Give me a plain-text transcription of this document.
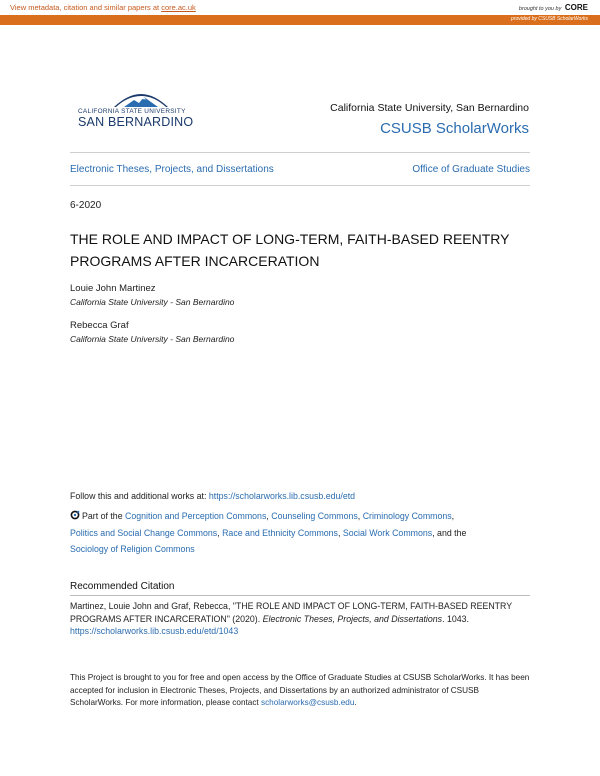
View metadata, citation and similar papers at core.ac.uk	brought to you by CORE
provided by CSUSB ScholarWorks
CALIFORNIA STATE UNIVERSITY
SAN BERNARDINO
California State University, San Bernardino
CSUSB ScholarWorks
Electronic Theses, Projects, and Dissertations	Office of Graduate Studies
6-2020
THE ROLE AND IMPACT OF LONG-TERM, FAITH-BASED REENTRY PROGRAMS AFTER INCARCERATION
Louie John Martinez
California State University - San Bernardino
Rebecca Graf
California State University - San Bernardino
Follow this and additional works at: https://scholarworks.lib.csusb.edu/etd
Part of the Cognition and Perception Commons, Counseling Commons, Criminology Commons,
Politics and Social Change Commons, Race and Ethnicity Commons, Social Work Commons, and the
Sociology of Religion Commons
Recommended Citation
Martinez, Louie John and Graf, Rebecca, "THE ROLE AND IMPACT OF LONG-TERM, FAITH-BASED REENTRY PROGRAMS AFTER INCARCERATION" (2020). Electronic Theses, Projects, and Dissertations. 1043.
https://scholarworks.lib.csusb.edu/etd/1043
This Project is brought to you for free and open access by the Office of Graduate Studies at CSUSB ScholarWorks. It has been accepted for inclusion in Electronic Theses, Projects, and Dissertations by an authorized administrator of CSUSB ScholarWorks. For more information, please contact scholarworks@csusb.edu.
